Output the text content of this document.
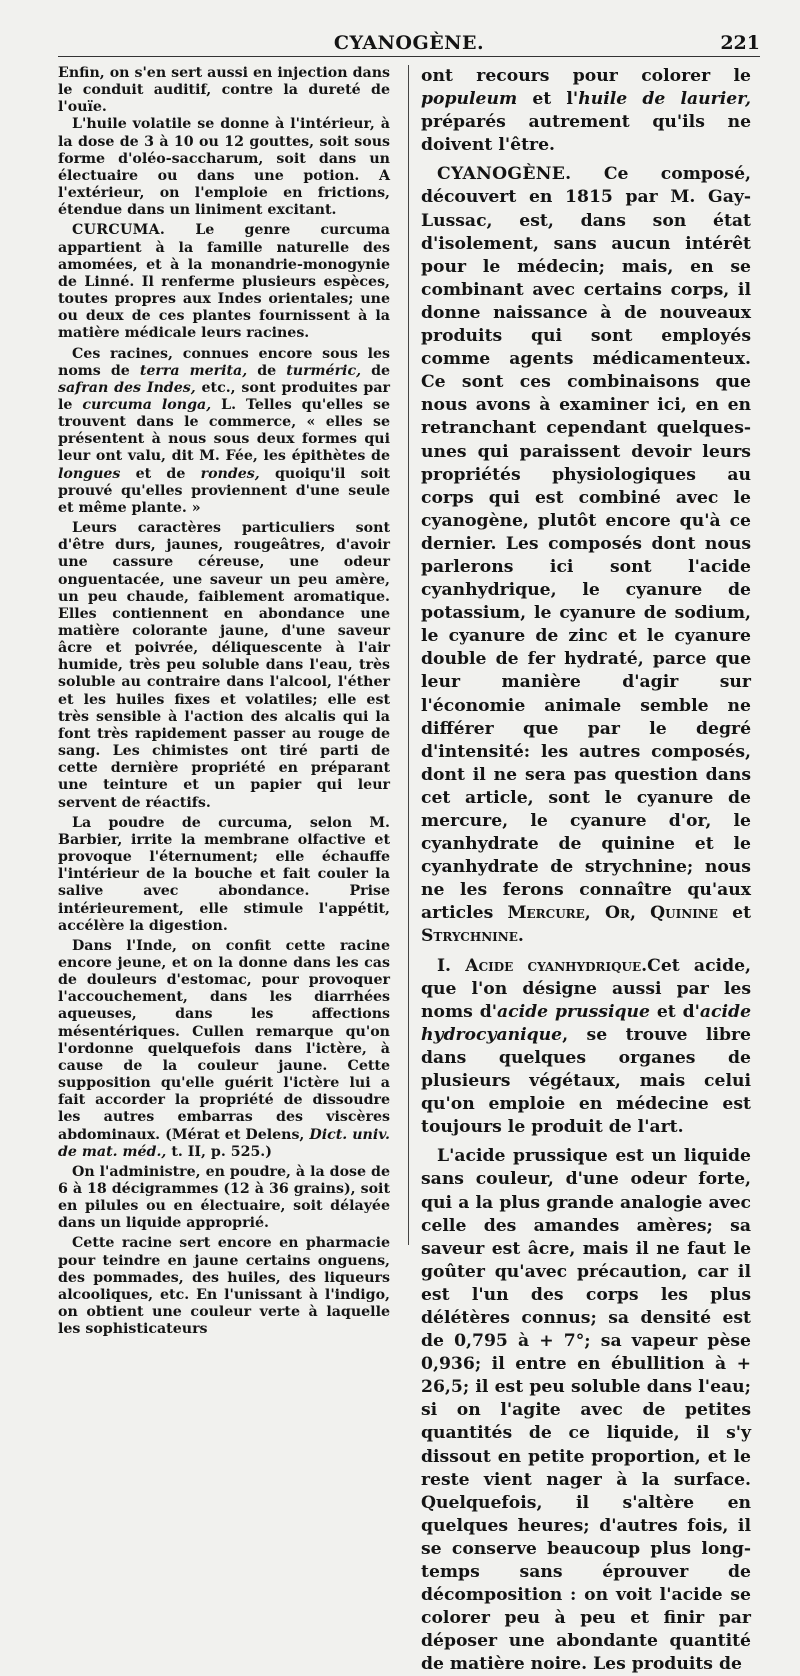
CYANOGÈNE.	221

Enfin, on s'en sert aussi en injection dans le conduit auditif, contre la dureté de l'ouïe.

L'huile volatile se donne à l'intérieur, à la dose de 3 à 10 ou 12 gouttes, soit sous forme d'oléo-saccharum, soit dans un électuaire ou dans une potion. A l'extérieur, on l'emploie en frictions, étendue dans un liniment excitant.

CURCUMA. Le genre curcuma appartient à la famille naturelle des amomées, et à la monandrie-monogynie de Linné. Il renferme plusieurs espèces, toutes propres aux Indes orientales; une ou deux de ces plantes fournissent à la matière médicale leurs racines.

Ces racines, connues encore sous les noms de terra merita, de turméric, de safran des Indes, etc., sont produites par le curcuma longa, L. Telles qu'elles se trouvent dans le commerce, « elles se présentent à nous sous deux formes qui leur ont valu, dit M. Fée, les épithètes de longues et de rondes, quoiqu'il soit prouvé qu'elles proviennent d'une seule et même plante. »

Leurs caractères particuliers sont d'être durs, jaunes, rougeâtres, d'avoir une cassure céreuse, une odeur onguentacée, une saveur un peu amère, un peu chaude, faiblement aromatique. Elles contiennent en abondance une matière colorante jaune, d'une saveur âcre et poivrée, déliquescente à l'air humide, très peu soluble dans l'eau, très soluble au contraire dans l'alcool, l'éther et les huiles fixes et volatiles; elle est très sensible à l'action des alcalis qui la font très rapidement passer au rouge de sang. Les chimistes ont tiré parti de cette dernière propriété en préparant une teinture et un papier qui leur servent de réactifs.

La poudre de curcuma, selon M. Barbier, irrite la membrane olfactive et provoque l'éternument; elle échauffe l'intérieur de la bouche et fait couler la salive avec abondance. Prise intérieurement, elle stimule l'appétit, accélère la digestion.

Dans l'Inde, on confit cette racine encore jeune, et on la donne dans les cas de douleurs d'estomac, pour provoquer l'accouchement, dans les diarrhées aqueuses, dans les affections mésentériques. Cullen remarque qu'on l'ordonne quelquefois dans l'ictère, à cause de la couleur jaune. Cette supposition qu'elle guérit l'ictère lui a fait accorder la propriété de dissoudre les autres embarras des viscères abdominaux. (Mérat et Delens, Dict. univ. de mat. méd., t. II, p. 525.)

On l'administre, en poudre, à la dose de 6 à 18 décigrammes (12 à 36 grains), soit en pilules ou en électuaire, soit délayée dans un liquide approprié.

Cette racine sert encore en pharmacie pour teindre en jaune certains onguens, des pommades, des huiles, des liqueurs alcooliques, etc. En l'unissant à l'indigo, on obtient une couleur verte à laquelle les sophisticateurs

ont recours pour colorer le populeum et l'huile de laurier, préparés autrement qu'ils ne doivent l'être.

CYANOGÈNE. Ce composé, découvert en 1815 par M. Gay-Lussac, est, dans son état d'isolement, sans aucun intérêt pour le médecin; mais, en se combinant avec certains corps, il donne naissance à de nouveaux produits qui sont employés comme agents médicamenteux. Ce sont ces combinaisons que nous avons à examiner ici, en en retranchant cependant quelques-unes qui paraissent devoir leurs propriétés physiologiques au corps qui est combiné avec le cyanogène, plutôt encore qu'à ce dernier. Les composés dont nous parlerons ici sont l'acide cyanhydrique, le cyanure de potassium, le cyanure de sodium, le cyanure de zinc et le cyanure double de fer hydraté, parce que leur manière d'agir sur l'économie animale semble ne différer que par le degré d'intensité: les autres composés, dont il ne sera pas question dans cet article, sont le cyanure de mercure, le cyanure d'or, le cyanhydrate de quinine et le cyanhydrate de strychnine; nous ne les ferons connaître qu'aux articles Mercure, Or, Quinine et Strychnine.

I. Acide cyanhydrique.Cet acide, que l'on désigne aussi par les noms d'acide prussique et d'acide hydrocyanique, se trouve libre dans quelques organes de plusieurs végétaux, mais celui qu'on emploie en médecine est toujours le produit de l'art.

L'acide prussique est un liquide sans couleur, d'une odeur forte, qui a la plus grande analogie avec celle des amandes amères; sa saveur est âcre, mais il ne faut le goûter qu'avec précaution, car il est l'un des corps les plus délétères connus; sa densité est de 0,795 à + 7°; sa vapeur pèse 0,936; il entre en ébullition à + 26,5; il est peu soluble dans l'eau; si on l'agite avec de petites quantités de ce liquide, il s'y dissout en petite proportion, et le reste vient nager à la surface. Quelquefois, il s'altère en quelques heures; d'autres fois, il se conserve beaucoup plus long-temps sans éprouver de décomposition : on voit l'acide se colorer peu à peu et finir par déposer une abondante quantité de matière noire. Les produits de
